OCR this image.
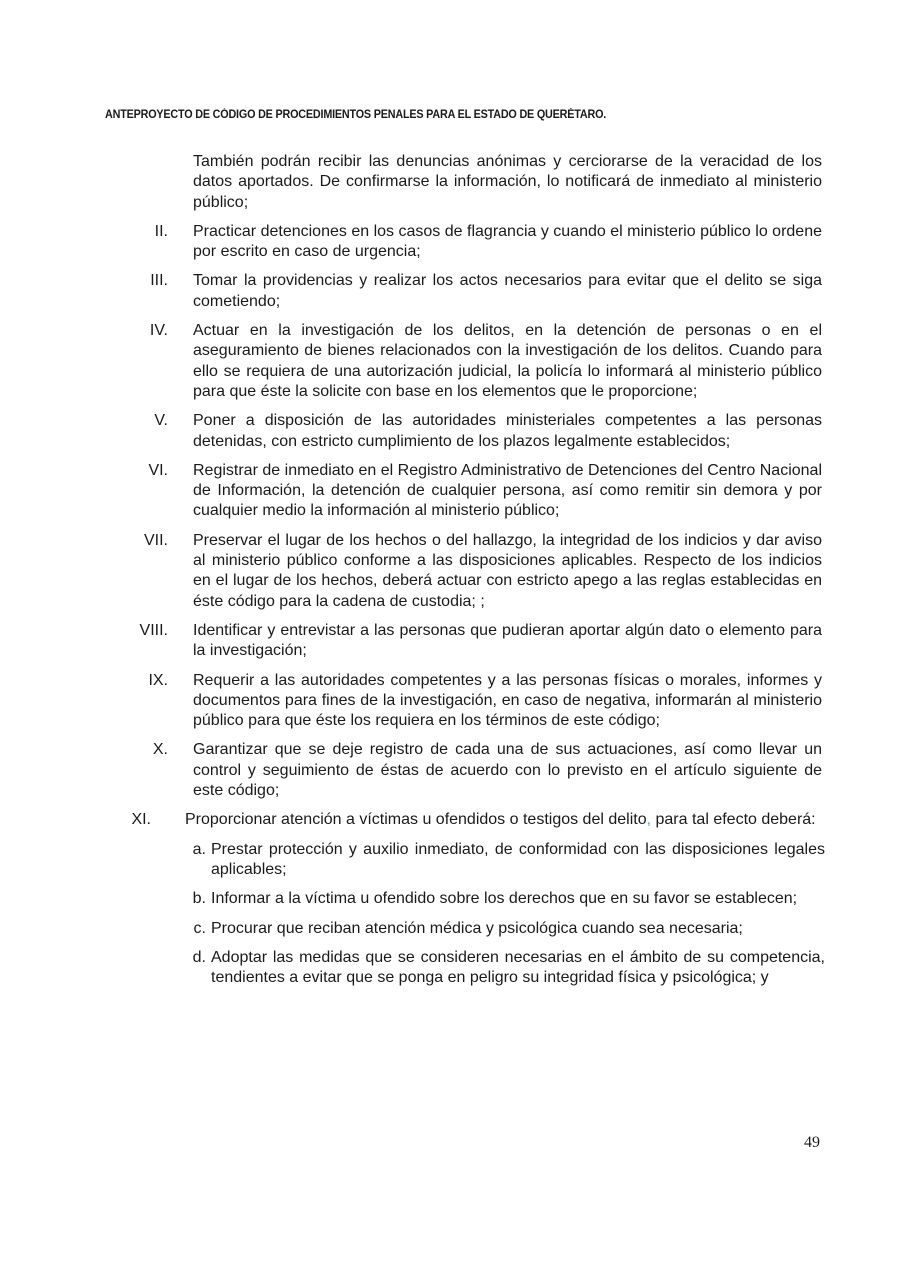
ANTEPROYECTO DE CÓDIGO DE PROCEDIMIENTOS PENALES PARA EL ESTADO DE QUERÉTARO.
También podrán recibir las denuncias anónimas y cerciorarse de la veracidad de los datos aportados. De confirmarse la información, lo notificará de inmediato al ministerio público;
II. Practicar detenciones en los casos de flagrancia y cuando el ministerio público lo ordene por escrito en caso de urgencia;
III. Tomar la providencias y realizar los actos necesarios para evitar que el delito se siga cometiendo;
IV. Actuar en la investigación de los delitos, en la detención de personas o en el aseguramiento de bienes relacionados con la investigación de los delitos. Cuando para ello se requiera de una autorización judicial, la policía lo informará al ministerio público para que éste la solicite con base en los elementos que le proporcione;
V. Poner a disposición de las autoridades ministeriales competentes a las personas detenidas, con estricto cumplimiento de los plazos legalmente establecidos;
VI. Registrar de inmediato en el Registro Administrativo de Detenciones del Centro Nacional de Información, la detención de cualquier persona, así como remitir sin demora y por cualquier medio la información al ministerio público;
VII. Preservar el lugar de los hechos o del hallazgo, la integridad de los indicios y dar aviso al ministerio público conforme a las disposiciones aplicables. Respecto de los indicios en el lugar de los hechos, deberá actuar con estricto apego a las reglas establecidas en éste código para la cadena de custodia; ;
VIII. Identificar y entrevistar a las personas que pudieran aportar algún dato o elemento para la investigación;
IX. Requerir a las autoridades competentes y a las personas físicas o morales, informes y documentos para fines de la investigación, en caso de negativa, informarán al ministerio público para que éste los requiera en los términos de este código;
X. Garantizar que se deje registro de cada una de sus actuaciones, así como llevar un control y seguimiento de éstas de acuerdo con lo previsto en el artículo siguiente de este código;
XI. Proporcionar atención a víctimas u ofendidos o testigos del delito, para tal efecto deberá:
a. Prestar protección y auxilio inmediato, de conformidad con las disposiciones legales aplicables;
b. Informar a la víctima u ofendido sobre los derechos que en su favor se establecen;
c. Procurar que reciban atención médica y psicológica cuando sea necesaria;
d. Adoptar las medidas que se consideren necesarias en el ámbito de su competencia, tendientes a evitar que se ponga en peligro su integridad física y psicológica; y
49
